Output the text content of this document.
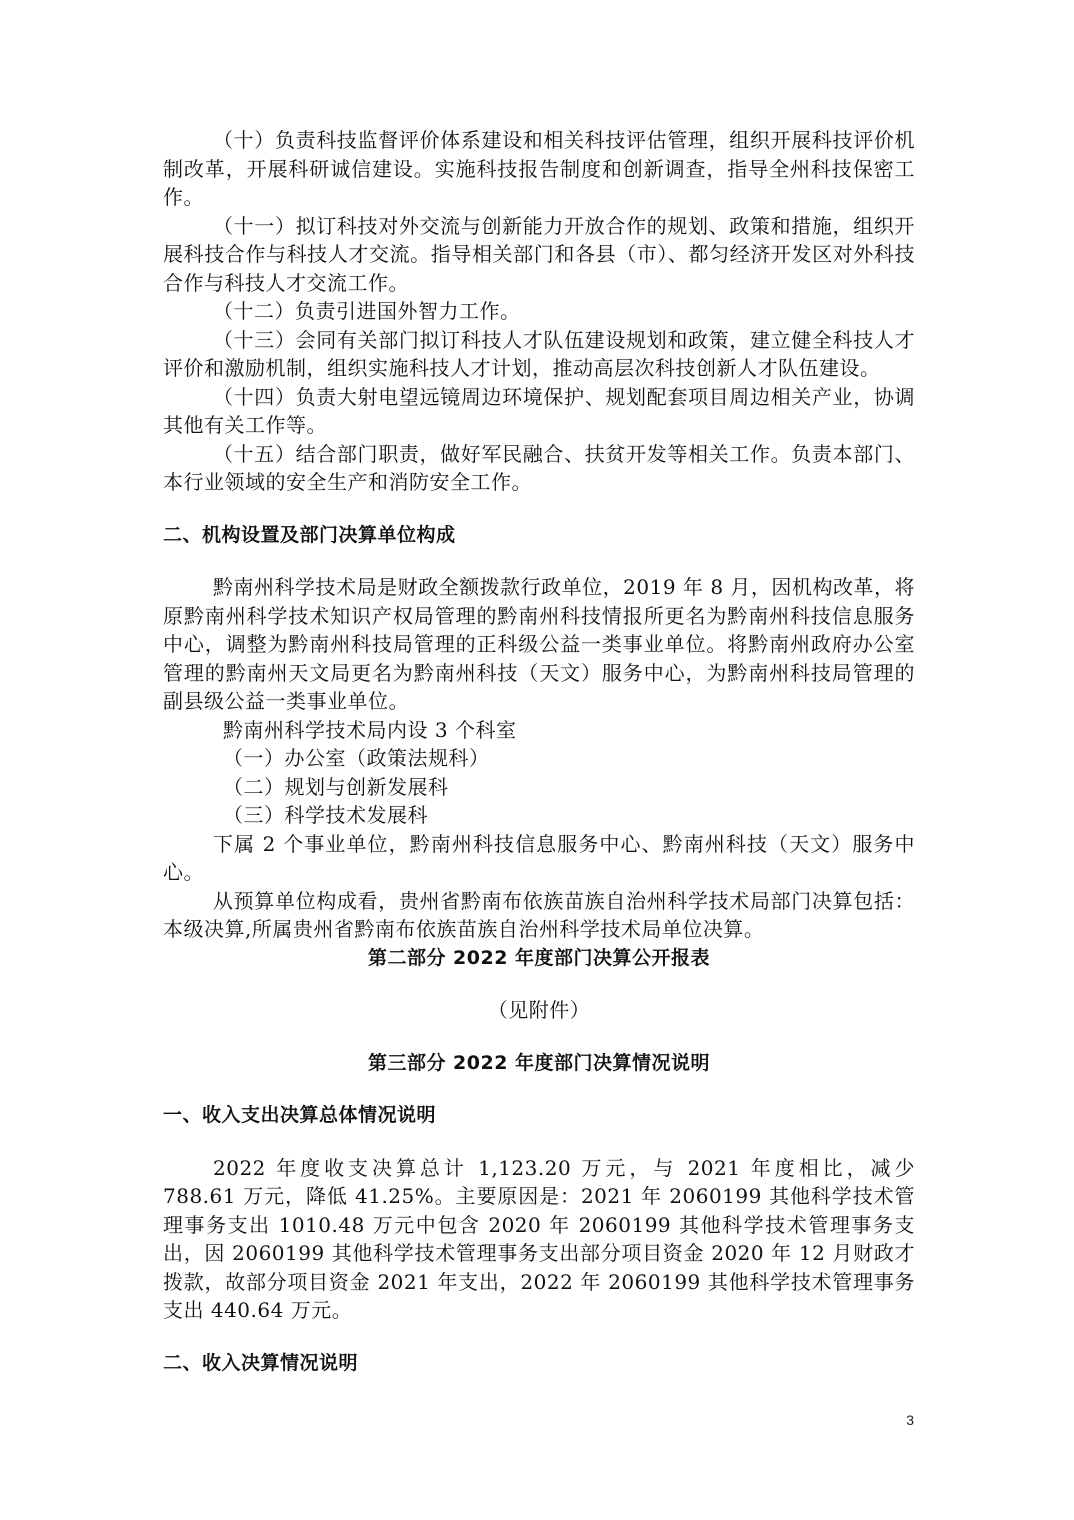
（十）负责科技监督评价体系建设和相关科技评估管理，组织开展科技评价机制改革，开展科研诚信建设。实施科技报告制度和创新调查，指导全州科技保密工作。

（十一）拟订科技对外交流与创新能力开放合作的规划、政策和措施，组织开展科技合作与科技人才交流。指导相关部门和各县（市）、都匀经济开发区对外科技合作与科技人才交流工作。

（十二）负责引进国外智力工作。

（十三）会同有关部门拟订科技人才队伍建设规划和政策，建立健全科技人才评价和激励机制，组织实施科技人才计划，推动高层次科技创新人才队伍建设。

（十四）负责大射电望远镜周边环境保护、规划配套项目周边相关产业，协调其他有关工作等。

（十五）结合部门职责，做好军民融合、扶贫开发等相关工作。负责本部门、本行业领域的安全生产和消防安全工作。

二、机构设置及部门决算单位构成

黔南州科学技术局是财政全额拨款行政单位，2019 年 8 月，因机构改革，将原黔南州科学技术知识产权局管理的黔南州科技情报所更名为黔南州科技信息服务中心，调整为黔南州科技局管理的正科级公益一类事业单位。将黔南州政府办公室管理的黔南州天文局更名为黔南州科技（天文）服务中心，为黔南州科技局管理的副县级公益一类事业单位。

黔南州科学技术局内设 3 个科室

（一）办公室（政策法规科）

（二）规划与创新发展科

（三）科学技术发展科

下属 2 个事业单位，黔南州科技信息服务中心、黔南州科技（天文）服务中心。

从预算单位构成看，贵州省黔南布依族苗族自治州科学技术局部门决算包括：本级决算,所属贵州省黔南布依族苗族自治州科学技术局单位决算。

第二部分 2022 年度部门决算公开报表

（见附件）

第三部分 2022 年度部门决算情况说明

一、收入支出决算总体情况说明

2022 年度收支决算总计 1,123.20 万元，与 2021 年度相比，减少 788.61 万元，降低 41.25%。主要原因是：2021 年 2060199 其他科学技术管理事务支出 1010.48 万元中包含 2020 年 2060199 其他科学技术管理事务支出，因 2060199 其他科学技术管理事务支出部分项目资金 2020 年 12 月财政才拨款，故部分项目资金 2021 年支出，2022 年 2060199 其他科学技术管理事务支出 440.64 万元。

二、收入决算情况说明

3
